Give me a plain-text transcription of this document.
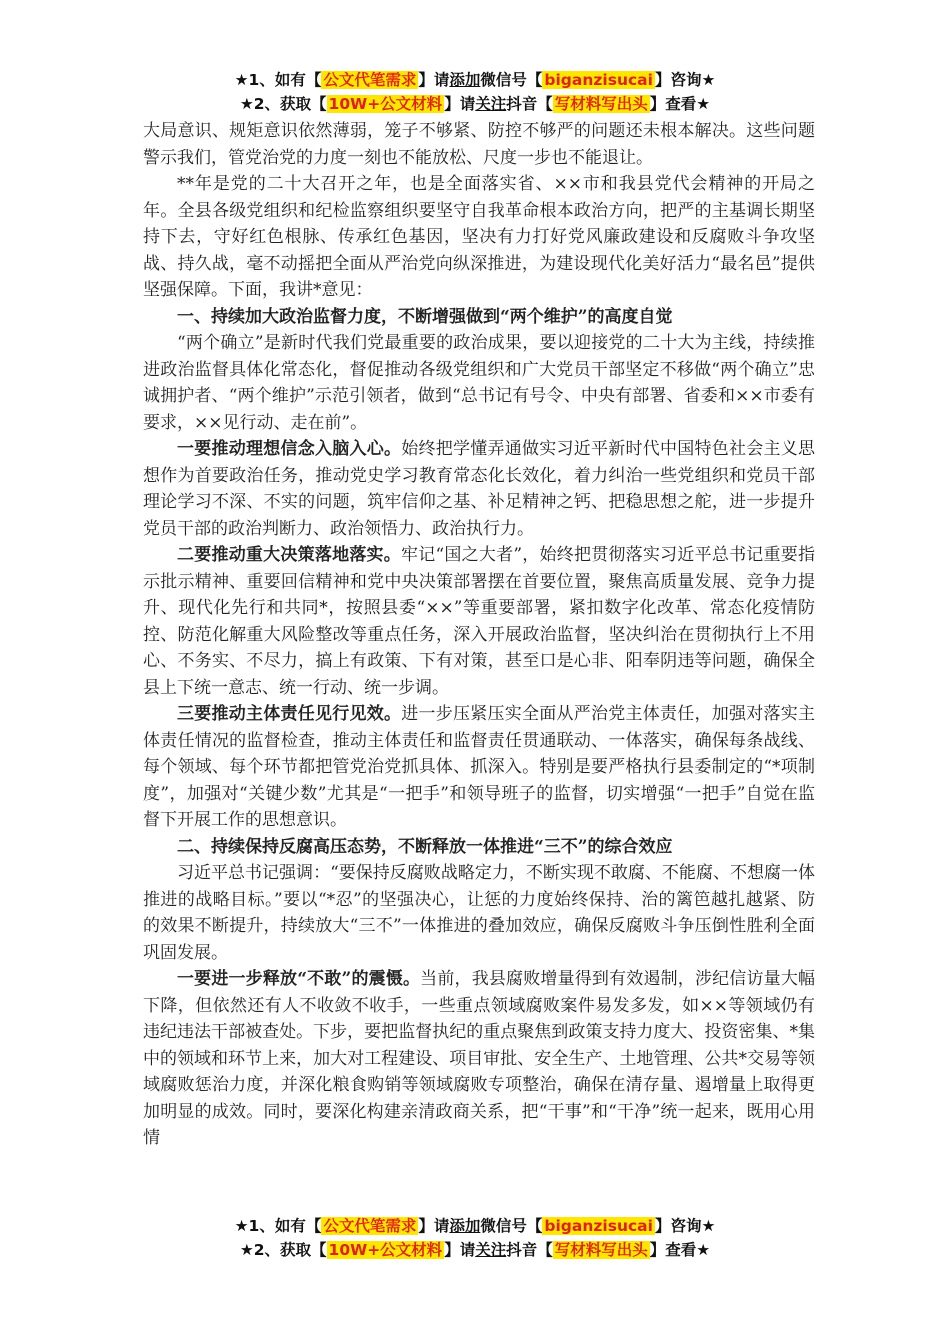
★1、如有【 公文代笔需求 】请添加微信号【 biganzisucai 】咨询★
★2、获取【 10W+公文材料 】请关注抖音【 写材料写出头 】查看★

大局意识、规矩意识依然薄弱，笼子不够紧、防控不够严的问题还未根本解决。这些问题警示我们，管党治党的力度一刻也不能放松、尺度一步也不能退让。

**年是党的二十大召开之年，也是全面落实省、××市和我县党代会精神的开局之年。全县各级党组织和纪检监察组织要坚守自我革命根本政治方向，把严的主基调长期坚持下去，守好红色根脉、传承红色基因，坚决有力打好党风廉政建设和反腐败斗争攻坚战、持久战，毫不动摇把全面从严治党向纵深推进，为建设现代化美好活力“最名邑”提供坚强保障。下面，我讲*意见：

一、持续加大政治监督力度，不断增强做到“两个维护”的高度自觉

“两个确立”是新时代我们党最重要的政治成果，要以迎接党的二十大为主线，持续推进政治监督具体化常态化，督促推动各级党组织和广大党员干部坚定不移做“两个确立”忠诚拥护者、“两个维护”示范引领者，做到“总书记有号令、中央有部署、省委和××市委有要求，××见行动、走在前”。

一要推动理想信念入脑入心。始终把学懂弄通做实习近平新时代中国特色社会主义思想作为首要政治任务，推动党史学习教育常态化长效化，着力纠治一些党组织和党员干部理论学习不深、不实的问题，筑牢信仰之基、补足精神之钙、把稳思想之舵，进一步提升党员干部的政治判断力、政治领悟力、政治执行力。

二要推动重大决策落地落实。牢记“国之大者”，始终把贯彻落实习近平总书记重要指示批示精神、重要回信精神和党中央决策部署摆在首要位置，聚焦高质量发展、竞争力提升、现代化先行和共同*，按照县委“××”等重要部署，紧扣数字化改革、常态化疫情防控、防范化解重大风险整改等重点任务，深入开展政治监督，坚决纠治在贯彻执行上不用心、不务实、不尽力，搞上有政策、下有对策，甚至口是心非、阳奉阴违等问题，确保全县上下统一意志、统一行动、统一步调。

三要推动主体责任见行见效。进一步压紧压实全面从严治党主体责任，加强对落实主体责任情况的监督检查，推动主体责任和监督责任贯通联动、一体落实，确保每条战线、每个领域、每个环节都把管党治党抓具体、抓深入。特别是要严格执行县委制定的“*项制度”，加强对“关键少数”尤其是“一把手”和领导班子的监督，切实增强“一把手”自觉在监督下开展工作的思想意识。

二、持续保持反腐高压态势，不断释放一体推进“三不”的综合效应

习近平总书记强调：“要保持反腐败战略定力，不断实现不敢腐、不能腐、不想腐一体推进的战略目标。”要以“*忍”的坚强决心，让惩的力度始终保持、治的篱笆越扎越紧、防的效果不断提升，持续放大“三不”一体推进的叠加效应，确保反腐败斗争压倒性胜利全面巩固发展。

一要进一步释放“不敢”的震慑。当前，我县腐败增量得到有效遏制，涉纪信访量大幅下降，但依然还有人不收敛不收手，一些重点领域腐败案件易发多发，如××等领域仍有违纪违法干部被查处。下步，要把监督执纪的重点聚焦到政策支持力度大、投资密集、*集中的领域和环节上来，加大对工程建设、项目审批、安全生产、土地管理、公共*交易等领域腐败惩治力度，并深化粮食购销等领域腐败专项整治，确保在清存量、遏增量上取得更加明显的成效。同时，要深化构建亲清政商关系，把“干事”和“干净”统一起来，既用心用情

★1、如有【 公文代笔需求 】请添加微信号【 biganzisucai 】咨询★
★2、获取【 10W+公文材料 】请关注抖音【 写材料写出头 】查看★
